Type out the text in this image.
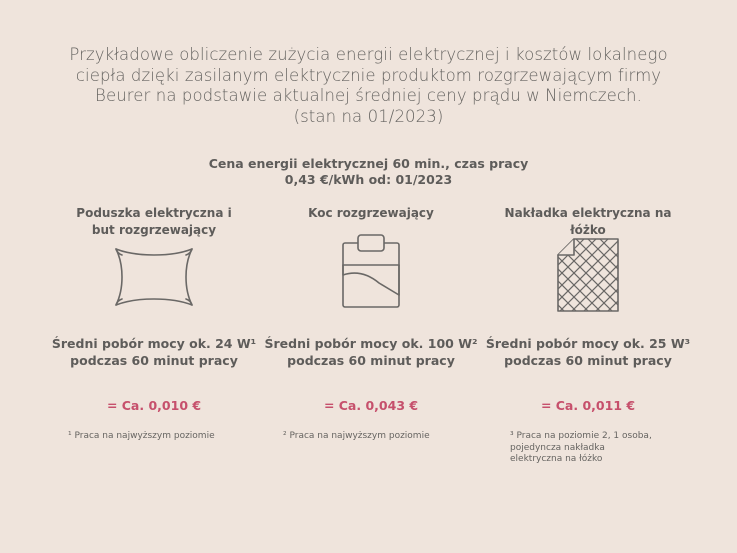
Przykładowe obliczenie zużycia energii elektrycznej i kosztów lokalnego
ciepła dzięki zasilanym elektrycznie produktom rozgrzewającym firmy
Beurer na podstawie aktualnej średniej ceny prądu w Niemczech.
(stan na 01/2023)
Cena energii elektrycznej 60 min., czas pracy
0,43 €/kWh od: 01/2023
Poduszka elektryczna i
but rozgrzewający
Średni pobór mocy ok. 24 W¹
podczas 60 minut pracy
= Ca. 0,010 €
¹ Praca na najwyższym poziomie
Koc rozgrzewający
Średni pobór mocy ok. 100 W²
podczas 60 minut pracy
= Ca. 0,043 €
² Praca na najwyższym poziomie
Nakładka elektryczna na
łóżko
Średni pobór mocy ok. 25 W³
podczas 60 minut pracy
= Ca. 0,011 €
³ Praca na poziomie 2, 1 osoba,
pojedyncza nakładka
elektryczna na łóżko
